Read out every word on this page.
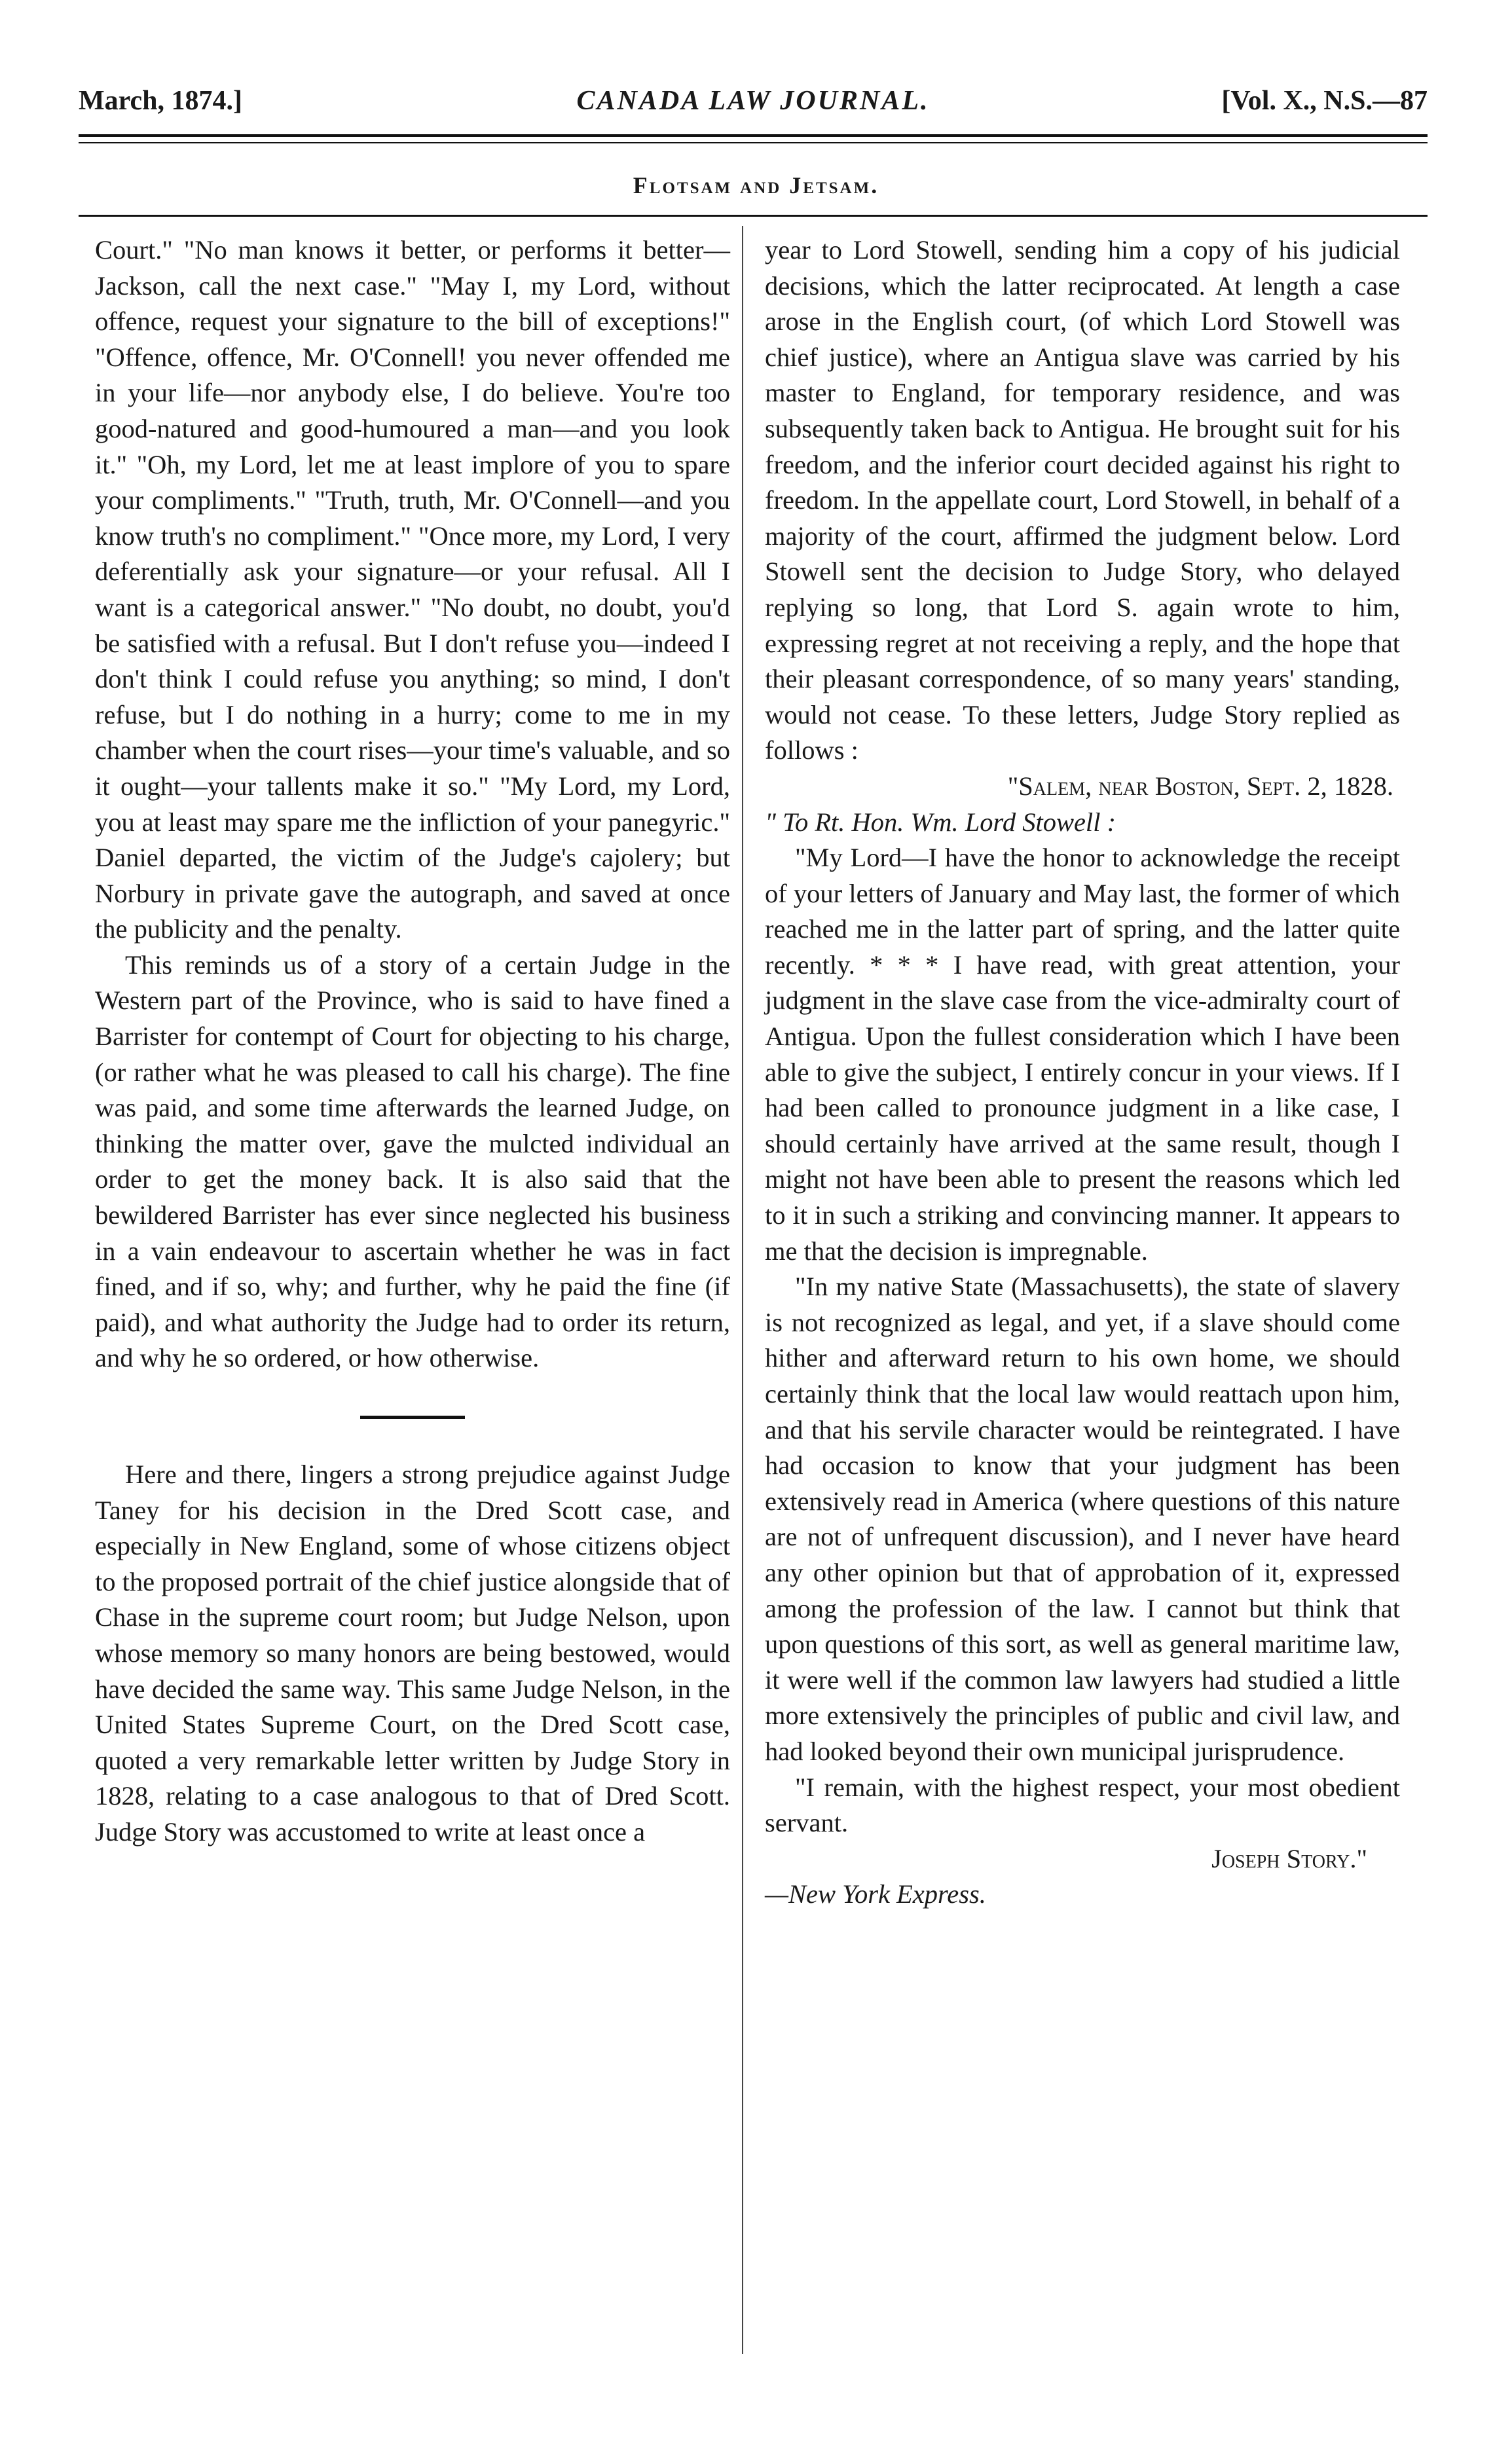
March, 1874.]	CANADA LAW JOURNAL.	[Vol. X., N.S.—87
Flotsam and Jetsam.

Court." "No man knows it better, or performs it better—Jackson, call the next case." "May I, my Lord, without offence, request your signature to the bill of exceptions!" "Offence, offence, Mr. O'Connell! you never offended me in your life—nor anybody else, I do believe. You're too good-natured and good-humoured a man—and you look it." "Oh, my Lord, let me at least implore of you to spare your compliments." "Truth, truth, Mr. O'Connell—and you know truth's no compliment." "Once more, my Lord, I very deferentially ask your signature—or your refusal. All I want is a categorical answer." "No doubt, no doubt, you'd be satisfied with a refusal. But I don't refuse you—indeed I don't think I could refuse you anything; so mind, I don't refuse, but I do nothing in a hurry; come to me in my chamber when the court rises—your time's valuable, and so it ought—your tallents make it so." "My Lord, my Lord, you at least may spare me the infliction of your panegyric." Daniel departed, the victim of the Judge's cajolery; but Norbury in private gave the autograph, and saved at once the publicity and the penalty.

This reminds us of a story of a certain Judge in the Western part of the Province, who is said to have fined a Barrister for contempt of Court for objecting to his charge, (or rather what he was pleased to call his charge). The fine was paid, and some time afterwards the learned Judge, on thinking the matter over, gave the mulcted individual an order to get the money back. It is also said that the bewildered Barrister has ever since neglected his business in a vain endeavour to ascertain whether he was in fact fined, and if so, why; and further, why he paid the fine (if paid), and what authority the Judge had to order its return, and why he so ordered, or how otherwise.

Here and there, lingers a strong prejudice against Judge Taney for his decision in the Dred Scott case, and especially in New England, some of whose citizens object to the proposed portrait of the chief justice alongside that of Chase in the supreme court room; but Judge Nelson, upon whose memory so many honors are being bestowed, would have decided the same way. This same Judge Nelson, in the United States Supreme Court, on the Dred Scott case, quoted a very remarkable letter written by Judge Story in 1828, relating to a case analogous to that of Dred Scott. Judge Story was accustomed to write at least once a

year to Lord Stowell, sending him a copy of his judicial decisions, which the latter reciprocated. At length a case arose in the English court, (of which Lord Stowell was chief justice), where an Antigua slave was carried by his master to England, for temporary residence, and was subsequently taken back to Antigua. He brought suit for his freedom, and the inferior court decided against his right to freedom. In the appellate court, Lord Stowell, in behalf of a majority of the court, affirmed the judgment below. Lord Stowell sent the decision to Judge Story, who delayed replying so long, that Lord S. again wrote to him, expressing regret at not receiving a reply, and the hope that their pleasant correspondence, of so many years' standing, would not cease. To these letters, Judge Story replied as follows :

"Salem, near Boston, Sept. 2, 1828.

" To Rt. Hon. Wm. Lord Stowell :

"My Lord—I have the honor to acknowledge the receipt of your letters of January and May last, the former of which reached me in the latter part of spring, and the latter quite recently. * * * I have read, with great attention, your judgment in the slave case from the vice-admiralty court of Antigua. Upon the fullest consideration which I have been able to give the subject, I entirely concur in your views. If I had been called to pronounce judgment in a like case, I should certainly have arrived at the same result, though I might not have been able to present the reasons which led to it in such a striking and convincing manner. It appears to me that the decision is impregnable.

"In my native State (Massachusetts), the state of slavery is not recognized as legal, and yet, if a slave should come hither and afterward return to his own home, we should certainly think that the local law would reattach upon him, and that his servile character would be reintegrated. I have had occasion to know that your judgment has been extensively read in America (where questions of this nature are not of unfrequent discussion), and I never have heard any other opinion but that of approbation of it, expressed among the profession of the law. I cannot but think that upon questions of this sort, as well as general maritime law, it were well if the common law lawyers had studied a little more extensively the principles of public and civil law, and had looked beyond their own municipal jurisprudence.

"I remain, with the highest respect, your most obedient servant.

Joseph Story."

—New York Express.
